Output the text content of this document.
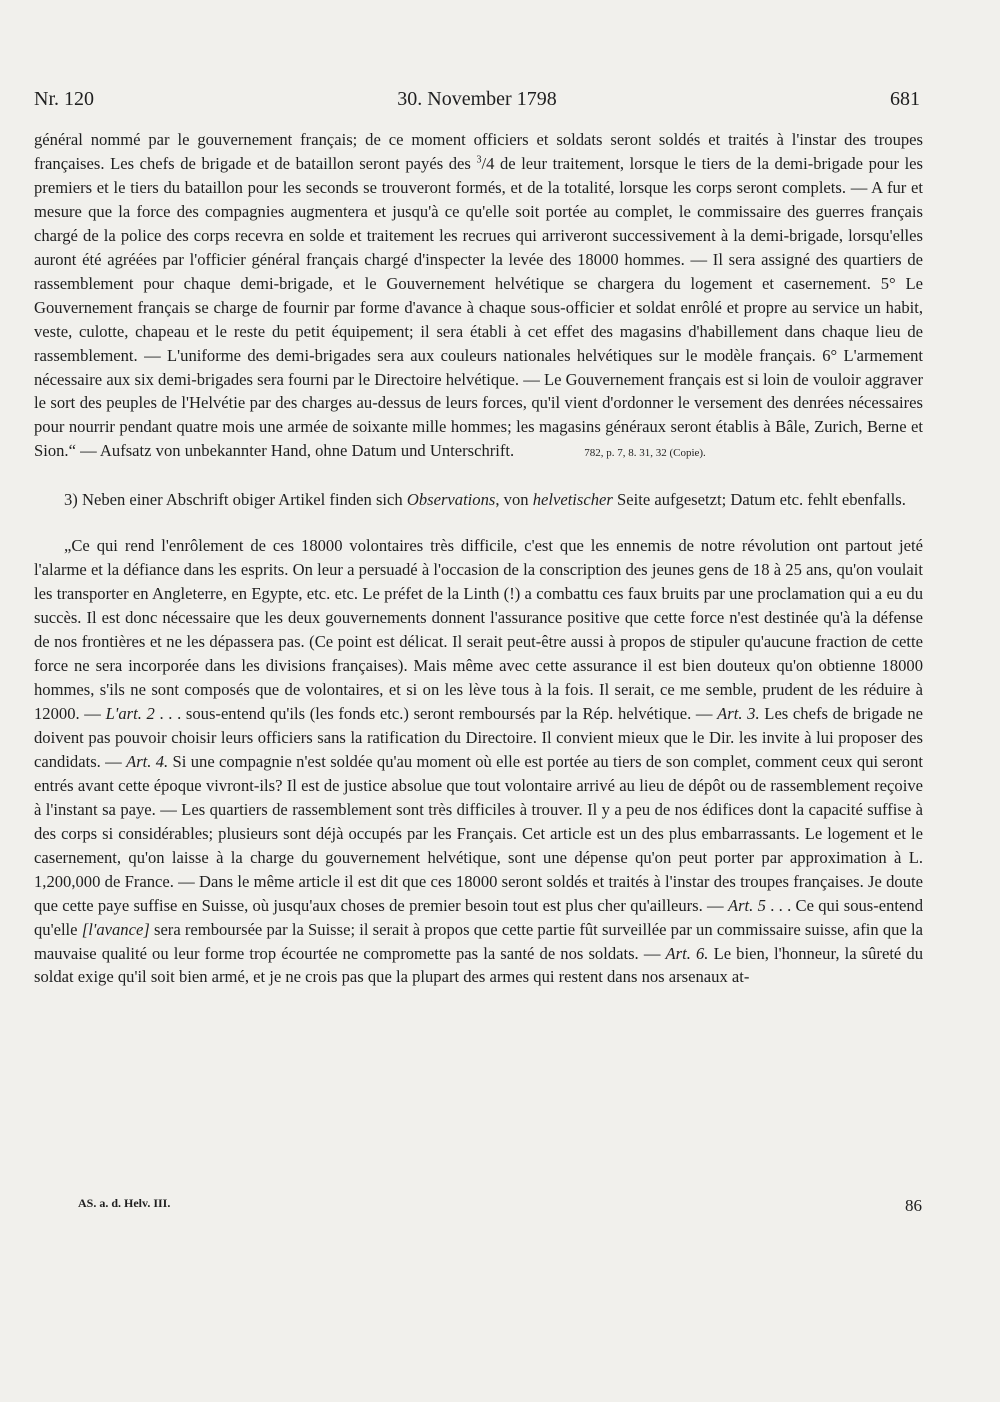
Nr. 120	30. November 1798	681

général nommé par le gouvernement français; de ce moment officiers et soldats seront soldés et traités à l'instar des troupes françaises. Les chefs de brigade et de bataillon seront payés des $^3$/4 de leur traitement, lorsque le tiers de la demi-brigade pour les premiers et le tiers du bataillon pour les seconds se trouveront formés, et de la totalité, lorsque les corps seront complets. — A fur et mesure que la force des compagnies augmentera et jusqu'à ce qu'elle soit portée au complet, le commissaire des guerres français chargé de la police des corps recevra en solde et traitement les recrues qui arriveront successivement à la demi-brigade, lorsqu'elles auront été agréées par l'officier général français chargé d'inspecter la levée des 18000 hommes. — Il sera assigné des quartiers de rassemblement pour chaque demi-brigade, et le Gouvernement helvétique se chargera du logement et casernement. 5° Le Gouvernement français se charge de fournir par forme d'avance à chaque sous-officier et soldat enrôlé et propre au service un habit, veste, culotte, chapeau et le reste du petit équipement; il sera établi à cet effet des magasins d'habillement dans chaque lieu de rassemblement. — L'uniforme des demi-brigades sera aux couleurs nationales helvétiques sur le modèle français. 6° L'armement nécessaire aux six demi-brigades sera fourni par le Directoire helvétique. — Le Gouvernement français est si loin de vouloir aggraver le sort des peuples de l'Helvétie par des charges au-dessus de leurs forces, qu'il vient d'ordonner le versement des denrées nécessaires pour nourrir pendant quatre mois une armée de soixante mille hommes; les magasins généraux seront établis à Bâle, Zurich, Berne et Sion.“ — Aufsatz von unbekannter Hand, ohne Datum und Unterschrift.	782, p. 7, 8. 31, 32 (Copie).

3) Neben einer Abschrift obiger Artikel finden sich Observations, von helvetischer Seite aufgesetzt; Datum etc. fehlt ebenfalls.

„Ce qui rend l'enrôlement de ces 18000 volontaires très difficile, c'est que les ennemis de notre révolution ont partout jeté l'alarme et la défiance dans les esprits. On leur a persuadé à l'occasion de la conscription des jeunes gens de 18 à 25 ans, qu'on voulait les transporter en Angleterre, en Egypte, etc. etc. Le préfet de la Linth (!) a combattu ces faux bruits par une proclamation qui a eu du succès. Il est donc nécessaire que les deux gouvernements donnent l'assurance positive que cette force n'est destinée qu'à la défense de nos frontières et ne les dépassera pas. (Ce point est délicat. Il serait peut-être aussi à propos de stipuler qu'aucune fraction de cette force ne sera incorporée dans les divisions françaises). Mais même avec cette assurance il est bien douteux qu'on obtienne 18000 hommes, s'ils ne sont composés que de volontaires, et si on les lève tous à la fois. Il serait, ce me semble, prudent de les réduire à 12000. — L'art. 2 . . . sous-entend qu'ils (les fonds etc.) seront remboursés par la Rép. helvétique. — Art. 3. Les chefs de brigade ne doivent pas pouvoir choisir leurs officiers sans la ratification du Directoire. Il convient mieux que le Dir. les invite à lui proposer des candidats. — Art. 4. Si une compagnie n'est soldée qu'au moment où elle est portée au tiers de son complet, comment ceux qui seront entrés avant cette époque vivront-ils? Il est de justice absolue que tout volontaire arrivé au lieu de dépôt ou de rassemblement reçoive à l'instant sa paye. — Les quartiers de rassemblement sont très difficiles à trouver. Il y a peu de nos édifices dont la capacité suffise à des corps si considérables; plusieurs sont déjà occupés par les Français. Cet article est un des plus embarrassants. Le logement et le casernement, qu'on laisse à la charge du gouvernement helvétique, sont une dépense qu'on peut porter par approximation à L. 1,200,000 de France. — Dans le même article il est dit que ces 18000 seront soldés et traités à l'instar des troupes françaises. Je doute que cette paye suffise en Suisse, où jusqu'aux choses de premier besoin tout est plus cher qu'ailleurs. — Art. 5 . . . Ce qui sous-entend qu'elle [l'avance] sera remboursée par la Suisse; il serait à propos que cette partie fût surveillée par un commissaire suisse, afin que la mauvaise qualité ou leur forme trop écourtée ne compromette pas la santé de nos soldats. — Art. 6. Le bien, l'honneur, la sûreté du soldat exige qu'il soit bien armé, et je ne crois pas que la plupart des armes qui restent dans nos arsenaux at-

AS. a. d. Helv. III.	86
